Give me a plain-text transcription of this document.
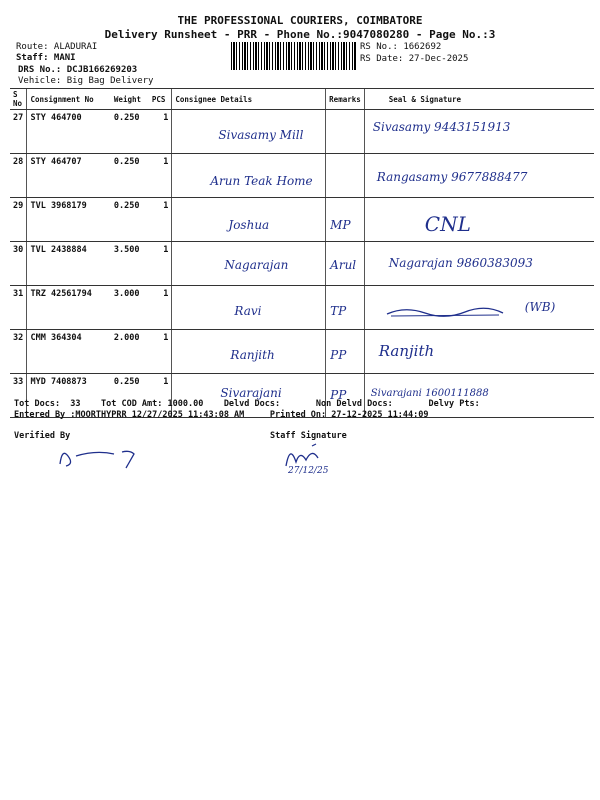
THE PROFESSIONAL COURIERS, COIMBATORE
Delivery Runsheet - PRR - Phone No.:9047080280 - Page No.:3
Route: ALADURAI
Staff: MANI
DRS No.: DCJB166269203
Vehicle: Big Bag Delivery
RS No.: 1662692
RS Date: 27-Dec-2025
S No	Consignment No	Weight	PCS	Consignee Details	Remarks	Seal & Signature
27	STY 464700	0.250	1	Sivasamy Mill		Sivasamy 9443151913

28	STY 464707	0.250	1	Arun Teak Home		Rangasamy 9677888477

29	TVL 3968179	0.250	1	Joshua	MP	CNL

30	TVL 2438884	3.500	1	Nagarajan	Arul	Nagarajan 9860383093

31	TRZ 42561794	3.000	1	Ravi	TP	(WB)

32	CMM 364304	2.000	1	Ranjith	PP	Ranjith

33	MYD 7408873	0.250	1	Sivarajani	PP	Sivarajani 1600111888
Tot Docs:  33    Tot COD Amt: 1000.00    Delvd Docs:       Non Delvd Docs:       Delvy Pts:
Entered By :MOORTHYPRR 12/27/2025 11:43:08 AM     Printed On: 27-12-2025 11:44:09
Verified By	Staff Signature
27/12/25
